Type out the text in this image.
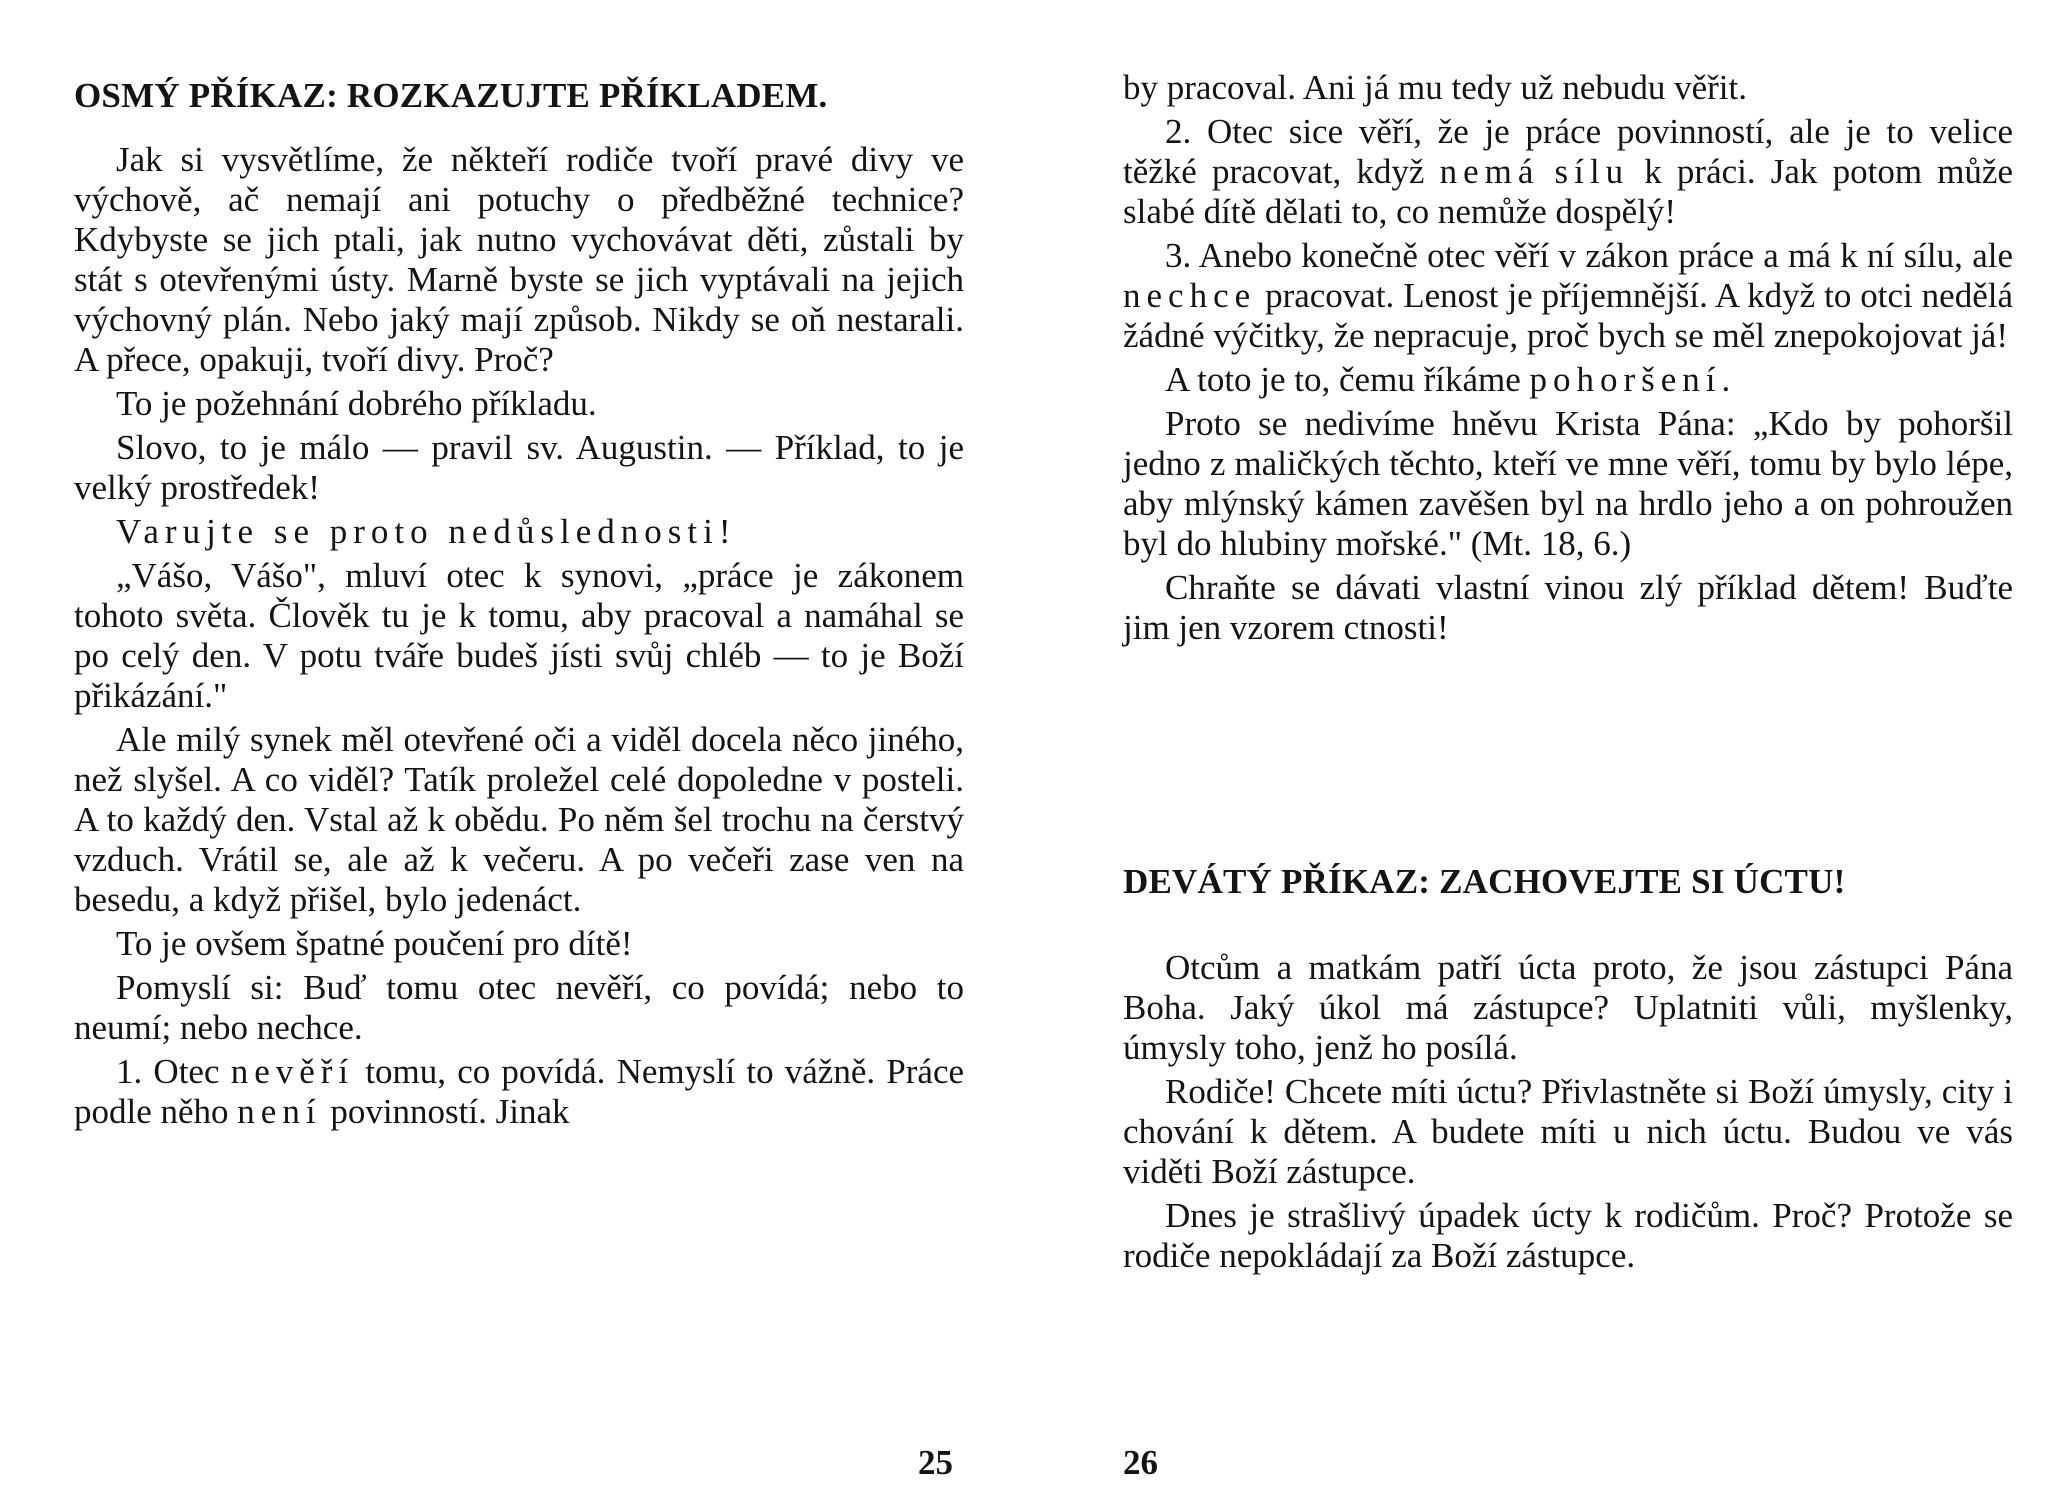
OSMÝ PŘÍKAZ: ROZKAZUJTE PŘÍKLADEM.

Jak si vysvětlíme, že někteří rodiče tvoří pravé divy ve výchově, ač nemají ani potuchy o předběžné technice? Kdybyste se jich ptali, jak nutno vychovávat děti, zůstali by stát s otevřenými ústy. Marně byste se jich vyptávali na jejich výchovný plán. Nebo jaký mají způsob. Nikdy se oň nestarali. A přece, opakuji, tvoří divy. Proč?

To je požehnání dobrého příkladu.

Slovo, to je málo — pravil sv. Augustin. — Příklad, to je velký prostředek!

Varujte se proto nedůslednosti!

„Vášo, Vášo", mluví otec k synovi, „práce je zákonem tohoto světa. Člověk tu je k tomu, aby pracoval a namáhal se po celý den. V potu tváře budeš jísti svůj chléb — to je Boží přikázání."

Ale milý synek měl otevřené oči a viděl docela něco jiného, než slyšel. A co viděl? Tatík proležel celé dopoledne v posteli. A to každý den. Vstal až k obědu. Po něm šel trochu na čerstvý vzduch. Vrátil se, ale až k večeru. A po večeři zase ven na besedu, a když přišel, bylo jedenáct.

To je ovšem špatné poučení pro dítě!

Pomyslí si: Buď tomu otec nevěří, co povídá; nebo to neumí; nebo nechce.

1. Otec nevěří tomu, co povídá. Nemyslí to vážně. Práce podle něho není povinností. Jinak

25

by pracoval. Ani já mu tedy už nebudu věřit.

2. Otec sice věří, že je práce povinností, ale je to velice těžké pracovat, když nemá sílu k práci. Jak potom může slabé dítě dělati to, co nemůže dospělý!

3. Anebo konečně otec věří v zákon práce a má k ní sílu, ale nechce pracovat. Lenost je příjemnější. A když to otci nedělá žádné výčitky, že nepracuje, proč bych se měl znepokojovat já!

A toto je to, čemu říkáme pohoršení.

Proto se nedivíme hněvu Krista Pána: „Kdo by pohoršil jedno z maličkých těchto, kteří ve mne věří, tomu by bylo lépe, aby mlýnský kámen zavěšen byl na hrdlo jeho a on pohroužen byl do hlubiny mořské." (Mt. 18, 6.)

Chraňte se dávati vlastní vinou zlý příklad dětem! Buďte jim jen vzorem ctnosti!

DEVÁTÝ PŘÍKAZ: ZACHOVEJTE SI ÚCTU!

Otcům a matkám patří úcta proto, že jsou zástupci Pána Boha. Jaký úkol má zástupce? Uplatniti vůli, myšlenky, úmysly toho, jenž ho posílá.

Rodiče! Chcete míti úctu? Přivlastněte si Boží úmysly, city i chování k dětem. A budete míti u nich úctu. Budou ve vás viděti Boží zástupce.

Dnes je strašlivý úpadek úcty k rodičům. Proč? Protože se rodiče nepokládají za Boží zástupce.

26
